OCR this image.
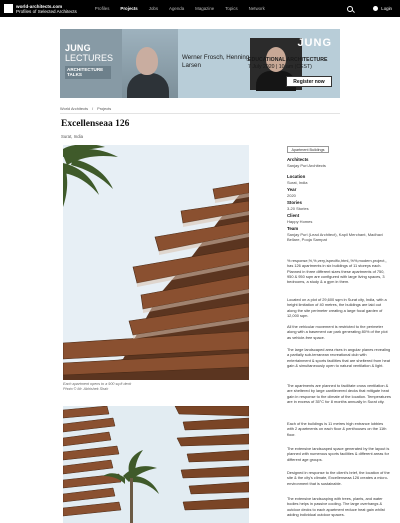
world-architects.com
Profiles of Selected Architects	Profiles	Projects	Jobs	Agenda	Magazine	Topics	Network	Login
JUNG
LECTURES
ARCHITECTURE TALKS
Werner Frosch, Henning Larsen
JUNG
EDUCATIONAL ARCHITECTURE
7 July 2020 | 10 am (CEST)
Register now
World Architects / Projects
Excellenseaa 126
Surat, India
Each apartment opens to a 900 sq.ft deck
Photo © Mr. Abhishek Shah
Apartment Buildings
Architects
Sanjay Puri Architects
Location
Surat, India
Year
2020
Stories
3-20 Stories
Client
Happy Homes
Team
Sanjay Puri (Lead Architect), Kapil Merchant, Madhavi Bellare, Pooja Sampat
% response,%,%,very,\specific,html,,%%,modern,project,, has 126 apartments in six buildings of 11 storeys each. Planned in three different sizes these apartments of 750, 950 & 950 sqm are configured with large living spaces, 3 bedrooms, a study & a gym in them.
Located on a plot of 29,600 sqm in Surat city, India, with a height limitation of 40 metres, the buildings are laid out along the site perimeter creating a large focal garden of 12,000 sqm.
All the vehicular movement is restricted to the perimeter along with a basement car park generating 80% of the plot as vehicle-free space.
The large landscaped area rises in angular planes revealing a partially sub-terranean recreational club with entertainment & sports facilities that are sheltered from heat gain & simultaneously open to natural ventilation & light.
The apartments are planned to facilitate cross ventilation & are sheltered by large cantilevered decks that mitigate heat gain in response to the climate of the location. Temperatures are in excess of 35°C for 8 months annually in Surat city.
Each of the buildings is 11 metres high entrance lobbies with 2 apartments on each floor & penthouses on the 11th floor.
The extensive landscaped space generated by the layout is planned with numerous sports facilities & different areas for different age groups.
Designed in response to the client's brief, the location of the site & the city's climate, Excellenseaa 126 creates a micro-environment that is sustainable.
The extensive landscaping with trees, plants, and water bodies helps in passive cooling. The large overhangs & outdoor decks to each apartment reduce heat gain whilst adding individual outdoor spaces.
